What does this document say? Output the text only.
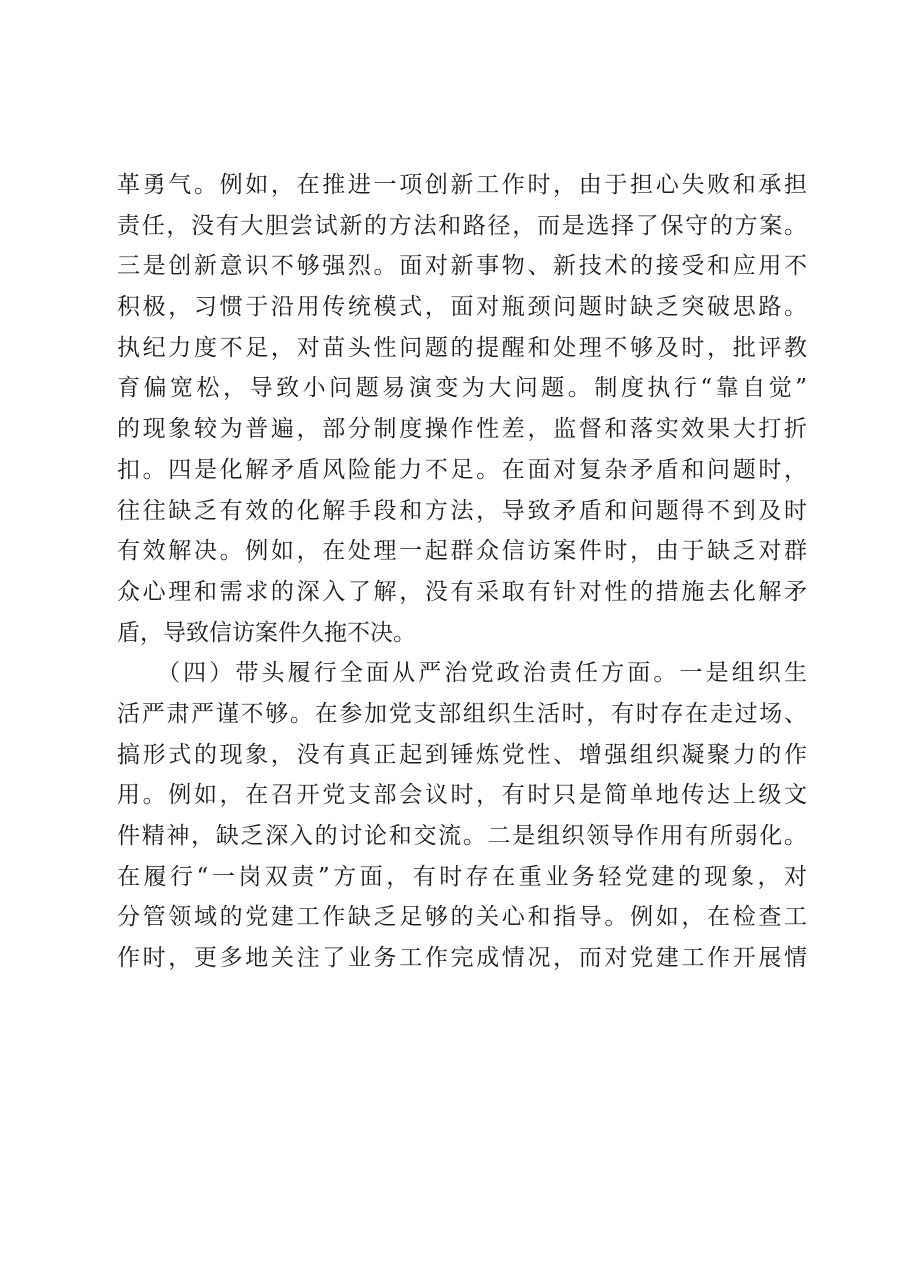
革勇气。例如，在推进一项创新工作时，由于担心失败和承担
责任，没有大胆尝试新的方法和路径，而是选择了保守的方案。
三是创新意识不够强烈。面对新事物、新技术的接受和应用不
积极，习惯于沿用传统模式，面对瓶颈问题时缺乏突破思路。
执纪力度不足，对苗头性问题的提醒和处理不够及时，批评教
育偏宽松，导致小问题易演变为大问题。制度执行“靠自觉”
的现象较为普遍，部分制度操作性差，监督和落实效果大打折
扣。四是化解矛盾风险能力不足。在面对复杂矛盾和问题时，
往往缺乏有效的化解手段和方法，导致矛盾和问题得不到及时
有效解决。例如，在处理一起群众信访案件时，由于缺乏对群
众心理和需求的深入了解，没有采取有针对性的措施去化解矛
盾，导致信访案件久拖不决。
（四）带头履行全面从严治党政治责任方面。一是组织生
活严肃严谨不够。在参加党支部组织生活时，有时存在走过场、
搞形式的现象，没有真正起到锤炼党性、增强组织凝聚力的作
用。例如，在召开党支部会议时，有时只是简单地传达上级文
件精神，缺乏深入的讨论和交流。二是组织领导作用有所弱化。
在履行“一岗双责”方面，有时存在重业务轻党建的现象，对
分管领域的党建工作缺乏足够的关心和指导。例如，在检查工
作时，更多地关注了业务工作完成情况，而对党建工作开展情
